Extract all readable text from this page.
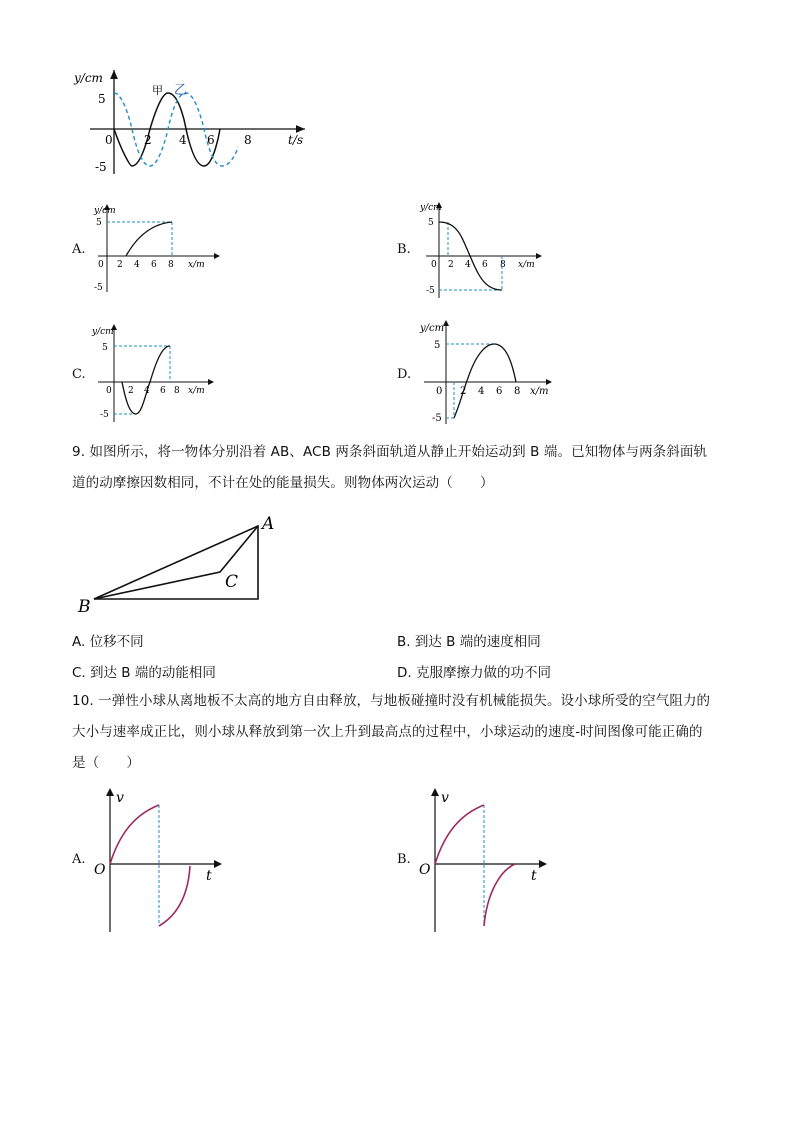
y/cm
5
-5
0	2 4 6 8	t/s
甲 乙
A.
y/cm
5
-5
0 2 4 6 8 x/m
B.
y/cm
5
-5
0 2 4 6 8 x/m
C.
y/cm
5
-5
0 2 4 6 8 x/m
D.
y/cm
5
-5
0 2 4 6 8 x/m
9. 如图所示，将一物体分别沿着 AB、ACB 两条斜面轨道从静止开始运动到 B 端。已知物体与两条斜面轨
道的动摩擦因数相同，不计在处的能量损失。则物体两次运动（　　）
A
B
C
A. 位移不同	B. 到达 B 端的速度相同
C. 到达 B 端的动能相同	D. 克服摩擦力做的功不同
10. 一弹性小球从离地板不太高的地方自由释放，与地板碰撞时没有机械能损失。设小球所受的空气阻力的
大小与速率成正比，则小球从释放到第一次上升到最高点的过程中，小球运动的速度-时间图像可能正确的
是（　　）
A.
v
O	t
B.
v
O	t
